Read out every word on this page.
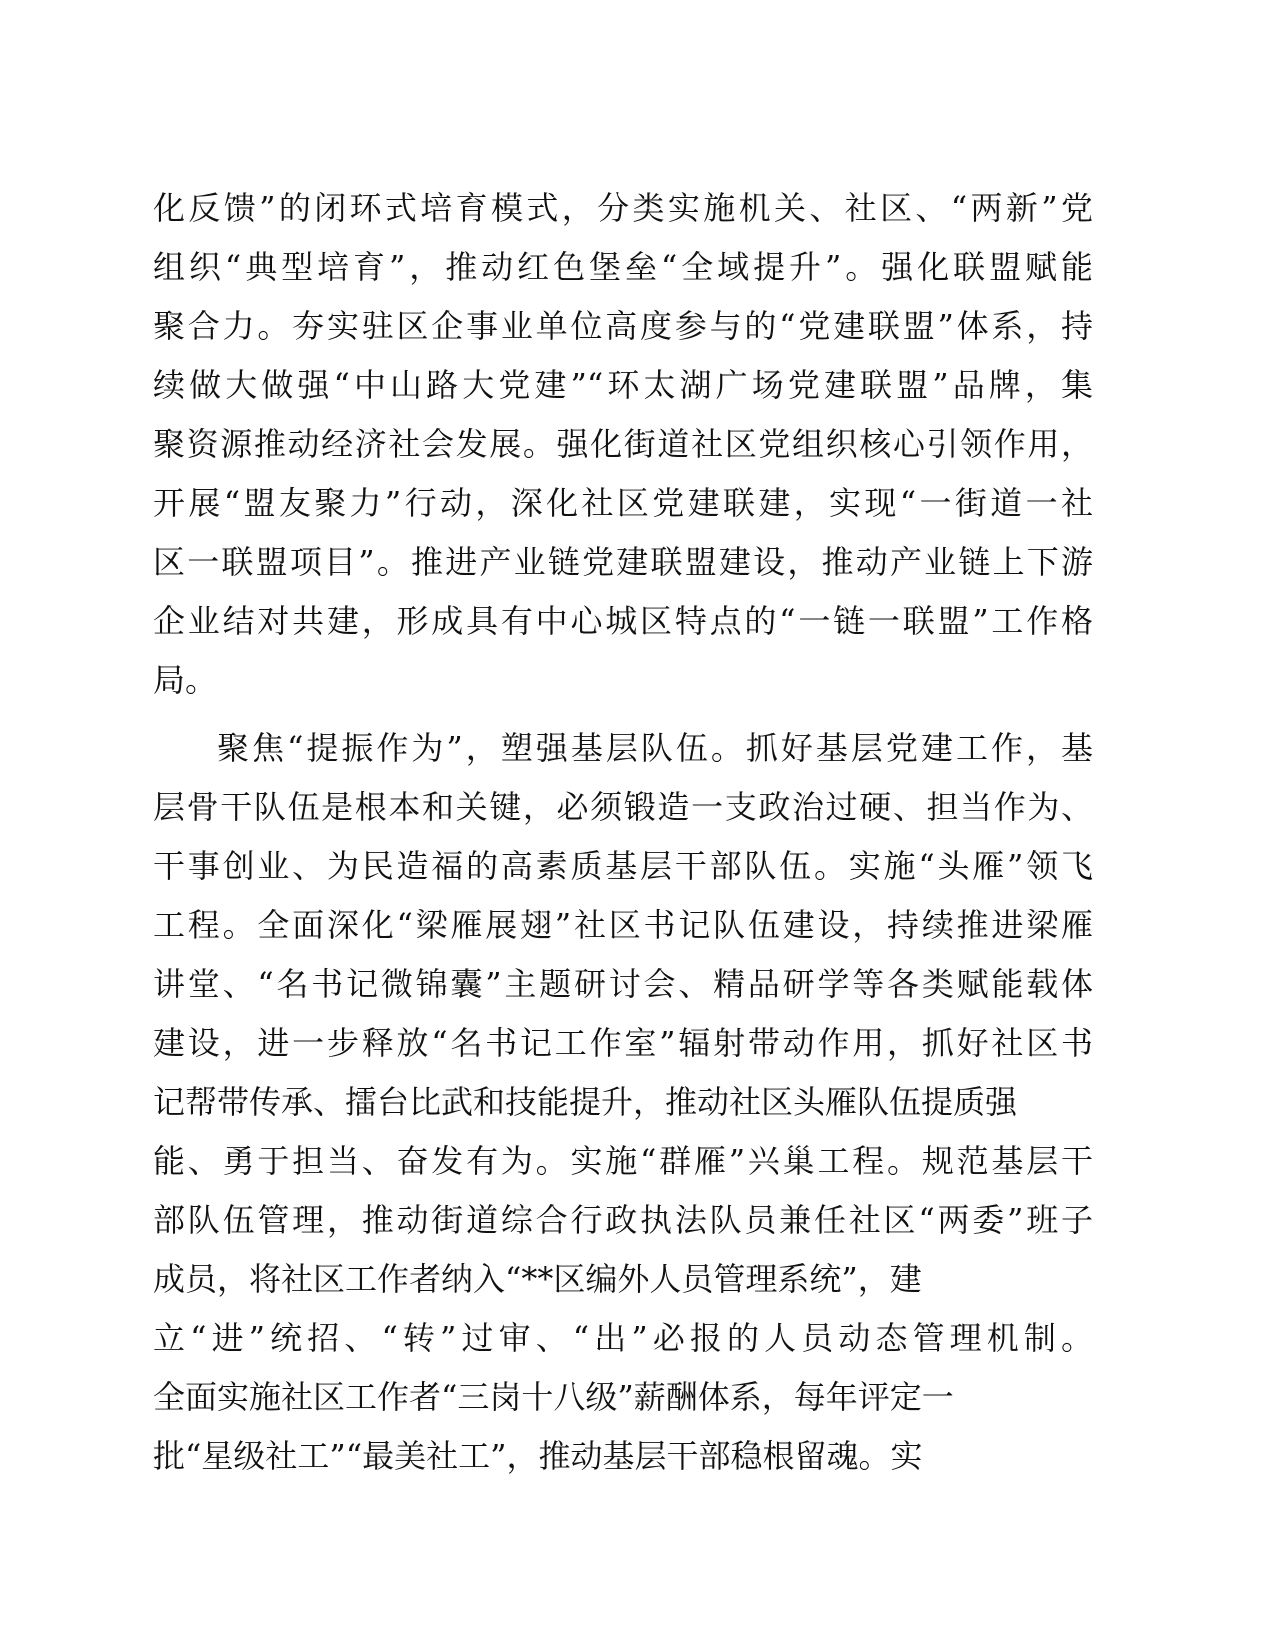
化反馈”的闭环式培育模式，分类实施机关、社区、“两新”党
组织“典型培育”，推动红色堡垒“全域提升”。强化联盟赋能
聚合力。夯实驻区企事业单位高度参与的“党建联盟”体系，持
续做大做强“中山路大党建”“环太湖广场党建联盟”品牌，集
聚资源推动经济社会发展。强化街道社区党组织核心引领作用，
开展“盟友聚力”行动，深化社区党建联建，实现“一街道一社
区一联盟项目”。推进产业链党建联盟建设，推动产业链上下游
企业结对共建，形成具有中心城区特点的“一链一联盟”工作格
局。
聚焦“提振作为”，塑强基层队伍。抓好基层党建工作，基
层骨干队伍是根本和关键，必须锻造一支政治过硬、担当作为、
干事创业、为民造福的高素质基层干部队伍。实施“头雁”领飞
工程。全面深化“梁雁展翅”社区书记队伍建设，持续推进梁雁
讲堂、“名书记微锦囊”主题研讨会、精品研学等各类赋能载体
建设，进一步释放“名书记工作室”辐射带动作用，抓好社区书
记帮带传承、擂台比武和技能提升，推动社区头雁队伍提质强
能、勇于担当、奋发有为。实施“群雁”兴巢工程。规范基层干
部队伍管理，推动街道综合行政执法队员兼任社区“两委”班子
成员，将社区工作者纳入“**区编外人员管理系统”，建
立“进”统招、“转”过审、“出”必报的人员动态管理机制。
全面实施社区工作者“三岗十八级”薪酬体系，每年评定一
批“星级社工”“最美社工”，推动基层干部稳根留魂。实
